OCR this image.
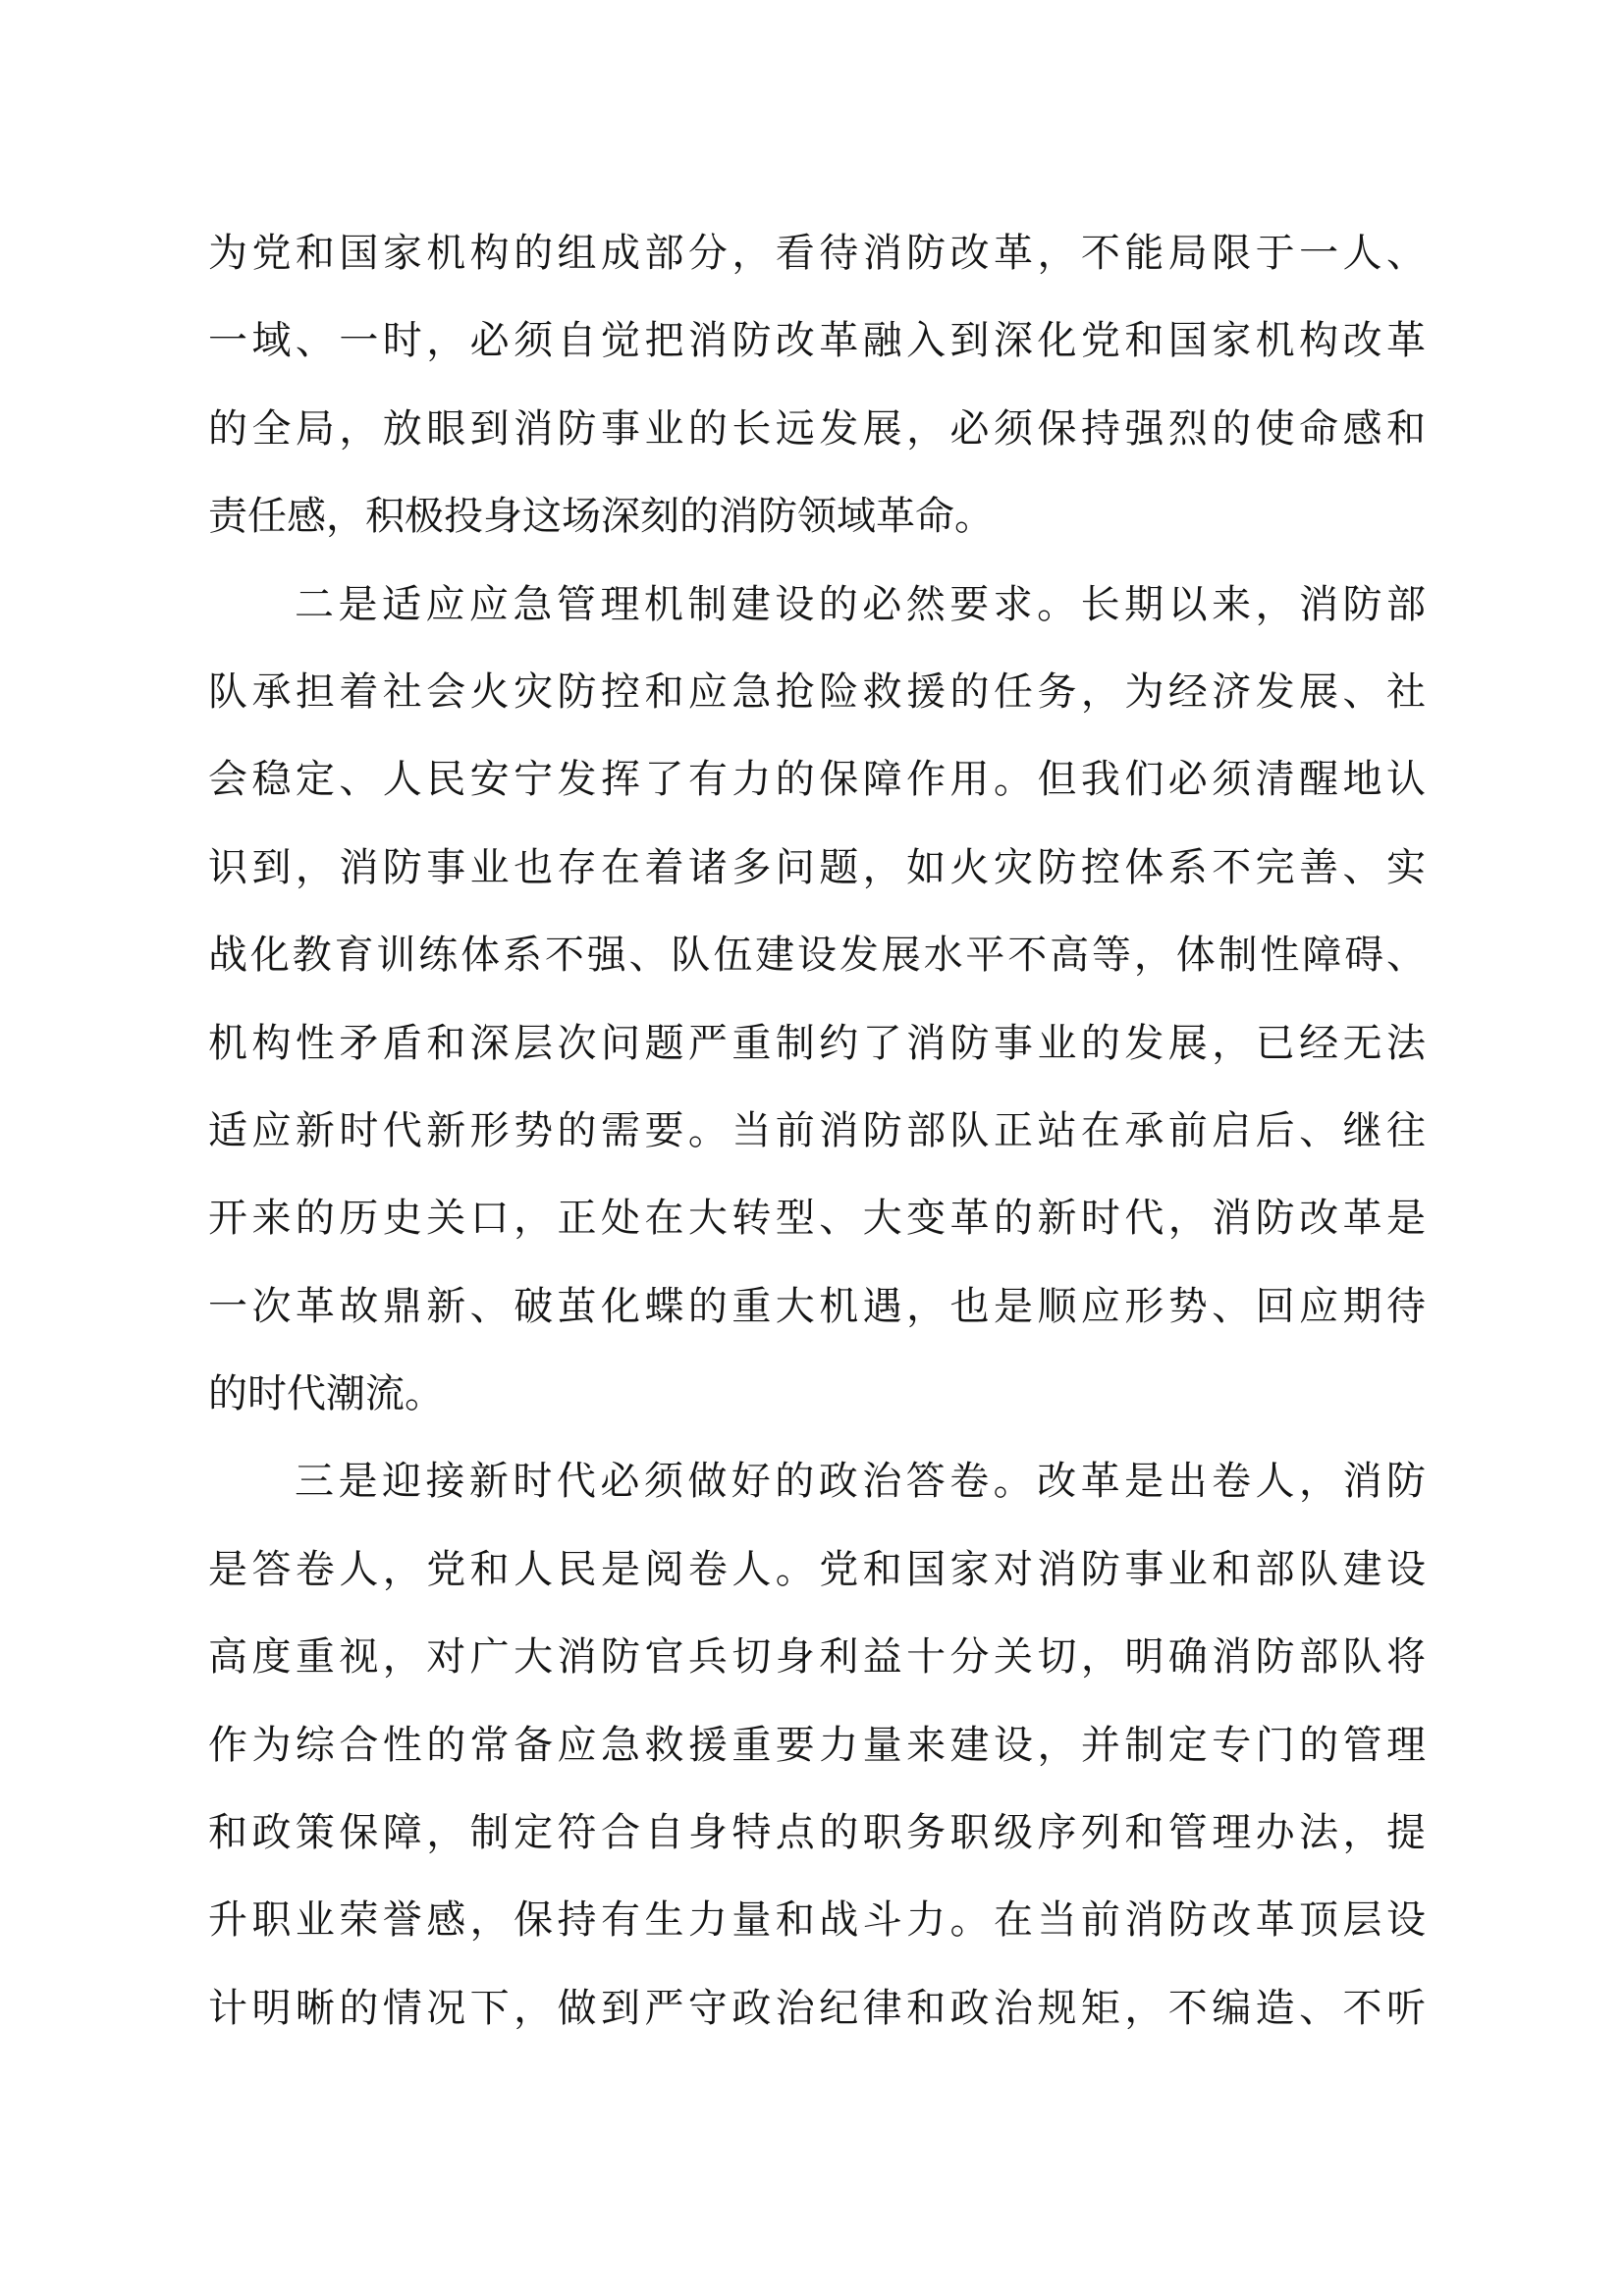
为党和国家机构的组成部分，看待消防改革，不能局限于一人、
一域、一时，必须自觉把消防改革融入到深化党和国家机构改革
的全局，放眼到消防事业的长远发展，必须保持强烈的使命感和
责任感，积极投身这场深刻的消防领域革命。
二是适应应急管理机制建设的必然要求。长期以来，消防部
队承担着社会火灾防控和应急抢险救援的任务，为经济发展、社
会稳定、人民安宁发挥了有力的保障作用。但我们必须清醒地认
识到，消防事业也存在着诸多问题，如火灾防控体系不完善、实
战化教育训练体系不强、队伍建设发展水平不高等，体制性障碍、
机构性矛盾和深层次问题严重制约了消防事业的发展，已经无法
适应新时代新形势的需要。当前消防部队正站在承前启后、继往
开来的历史关口，正处在大转型、大变革的新时代，消防改革是
一次革故鼎新、破茧化蝶的重大机遇，也是顺应形势、回应期待
的时代潮流。
三是迎接新时代必须做好的政治答卷。改革是出卷人，消防
是答卷人，党和人民是阅卷人。党和国家对消防事业和部队建设
高度重视，对广大消防官兵切身利益十分关切，明确消防部队将
作为综合性的常备应急救援重要力量来建设，并制定专门的管理
和政策保障，制定符合自身特点的职务职级序列和管理办法，提
升职业荣誉感，保持有生力量和战斗力。在当前消防改革顶层设
计明晰的情况下，做到严守政治纪律和政治规矩，不编造、不听
